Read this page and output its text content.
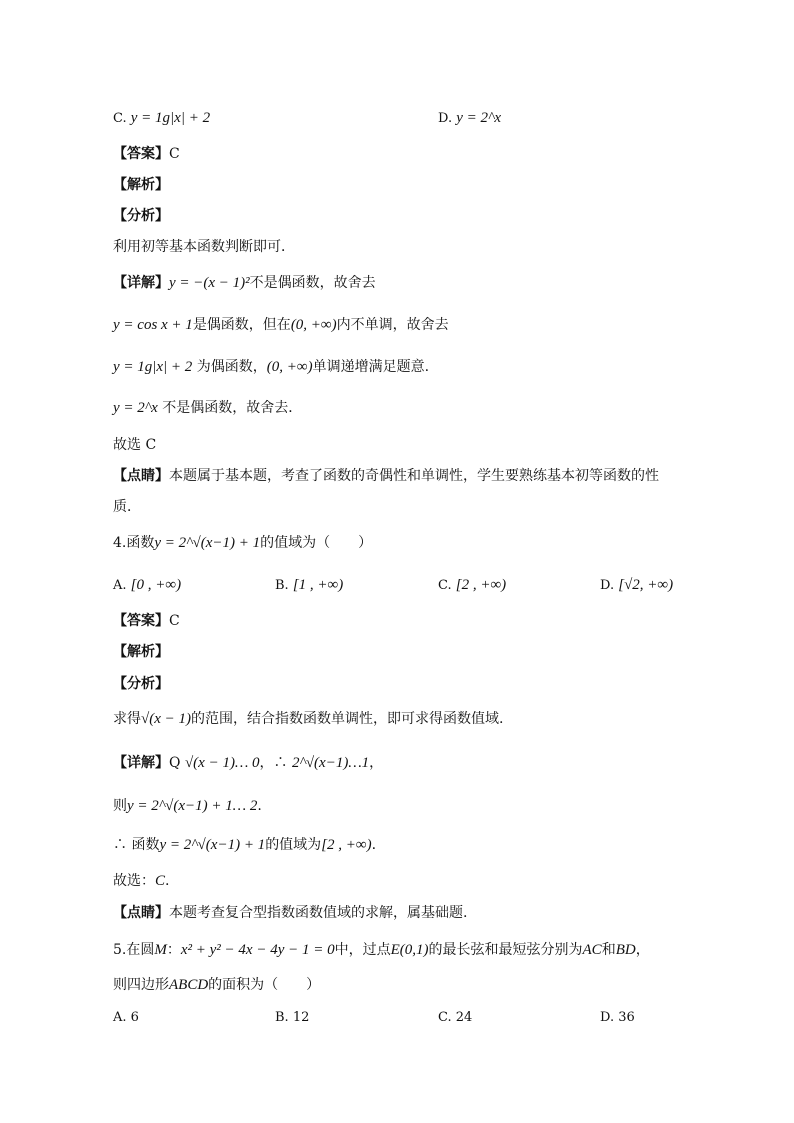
C. y = 1g|x| + 2	D. y = 2^x
【答案】C
【解析】
【分析】
利用初等基本函数判断即可．
【详解】y = −(x − 1)²不是偶函数，故舍去
y = cos x + 1是偶函数，但在(0, +∞)内不单调，故舍去
y = 1g|x| + 2 为偶函数，(0, +∞)单调递增满足题意.
y = 2^x 不是偶函数，故舍去．
故选 C
【点睛】本题属于基本题，考查了函数的奇偶性和单调性，学生要熟练基本初等函数的性
质．
4.函数y = 2^√(x−1) + 1的值域为（　　）
A. [0 , +∞)	B. [1 , +∞)	C. [2 , +∞)	D. [√2, +∞)
【答案】C
【解析】
【分析】
求得√(x − 1)的范围，结合指数函数单调性，即可求得函数值域.
【详解】Q √(x − 1)… 0，∴ 2^√(x−1)…1，
则y = 2^√(x−1) + 1… 2.
∴ 函数y = 2^√(x−1) + 1的值域为[2 , +∞).
故选：C.
【点睛】本题考查复合型指数函数值域的求解，属基础题.
5.在圆M：x² + y² − 4x − 4y − 1 = 0中，过点E(0,1)的最长弦和最短弦分别为AC和BD，
则四边形ABCD的面积为（　　）
A. 6	B. 12	C. 24	D. 36
